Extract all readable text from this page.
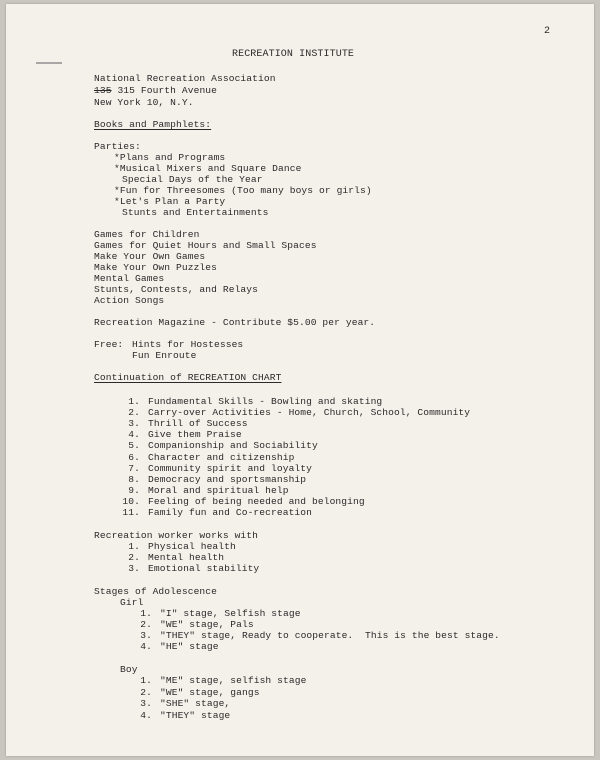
2
RECREATION INSTITUTE
National Recreation Association
135 315 Fourth Avenue
New York 10, N.Y.
Books and Pamphlets:
Parties:
*Plans and Programs
*Musical Mixers and Square Dance
Special Days of the Year
*Fun for Threesomes (Too many boys or girls)
*Let's Plan a Party
Stunts and Entertainments
Games for Children
Games for Quiet Hours and Small Spaces
Make Your Own Games
Make Your Own Puzzles
Mental Games
Stunts, Contests, and Relays
Action Songs
Recreation Magazine - Contribute $5.00 per year.
Free: Hints for Hostesses
Fun Enroute
Continuation of RECREATION CHART
1. Fundamental Skills - Bowling and skating
2. Carry-over Activities - Home, Church, School, Community
3. Thrill of Success
4. Give them Praise
5. Companionship and Sociability
6. Character and citizenship
7. Community spirit and loyalty
8. Democracy and sportsmanship
9. Moral and spiritual help
10. Feeling of being needed and belonging
11. Family fun and Co-recreation
Recreation worker works with
1. Physical health
2. Mental health
3. Emotional stability
Stages of Adolescence
Girl
1. "I" stage, Selfish stage
2. "WE" stage, Pals
3. "THEY" stage, Ready to cooperate.  This is the best stage.
4. "HE" stage
Boy
1. "ME" stage, selfish stage
2. "WE" stage, gangs
3. "SHE" stage,
4. "THEY" stage
